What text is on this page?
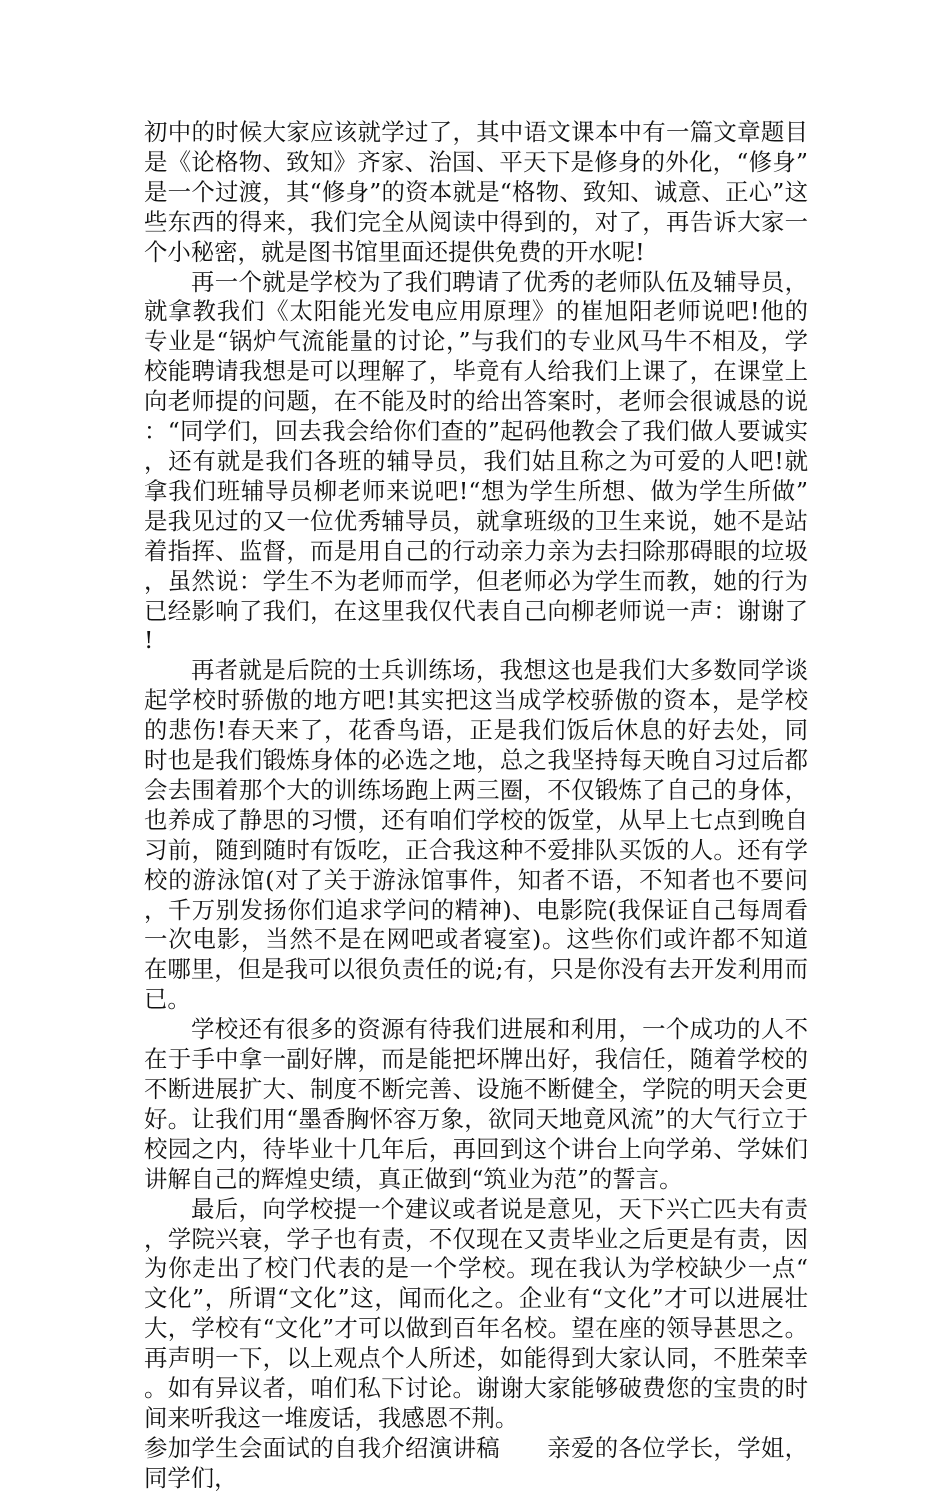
初中的时候大家应该就学过了，其中语文课本中有一篇文章题目是《论格物、致知》齐家、治国、平天下是修身的外化，“修身”是一个过渡，其“修身”的资本就是“格物、致知、诚意、正心”这些东西的得来，我们完全从阅读中得到的，对了，再告诉大家一个小秘密，就是图书馆里面还提供免费的开水呢!

再一个就是学校为了我们聘请了优秀的老师队伍及辅导员，就拿教我们《太阳能光发电应用原理》的崔旭阳老师说吧!他的专业是“锅炉气流能量的讨论，”与我们的专业风马牛不相及，学校能聘请我想是可以理解了，毕竟有人给我们上课了，在课堂上向老师提的问题，在不能及时的给出答案时，老师会很诚恳的说：“同学们，回去我会给你们查的”起码他教会了我们做人要诚实，还有就是我们各班的辅导员，我们姑且称之为可爱的人吧!就拿我们班辅导员柳老师来说吧!“想为学生所想、做为学生所做”是我见过的又一位优秀辅导员，就拿班级的卫生来说，她不是站着指挥、监督，而是用自己的行动亲力亲为去扫除那碍眼的垃圾，虽然说：学生不为老师而学，但老师必为学生而教，她的行为已经影响了我们，在这里我仅代表自己向柳老师说一声：谢谢了!

再者就是后院的士兵训练场，我想这也是我们大多数同学谈起学校时骄傲的地方吧!其实把这当成学校骄傲的资本，是学校的悲伤!春天来了，花香鸟语，正是我们饭后休息的好去处，同时也是我们锻炼身体的必选之地，总之我坚持每天晚自习过后都会去围着那个大的训练场跑上两三圈，不仅锻炼了自己的身体，也养成了静思的习惯，还有咱们学校的饭堂，从早上七点到晚自习前，随到随时有饭吃，正合我这种不爱排队买饭的人。还有学校的游泳馆(对了关于游泳馆事件，知者不语，不知者也不要问，千万别发扬你们追求学问的精神)、电影院(我保证自己每周看一次电影，当然不是在网吧或者寝室)。这些你们或许都不知道在哪里，但是我可以很负责任的说;有，只是你没有去开发利用而已。

学校还有很多的资源有待我们进展和利用，一个成功的人不在于手中拿一副好牌，而是能把坏牌出好，我信任，随着学校的不断进展扩大、制度不断完善、设施不断健全，学院的明天会更好。让我们用“墨香胸怀容万象，欲同天地竟风流”的大气行立于校园之内，待毕业十几年后，再回到这个讲台上向学弟、学妹们讲解自己的辉煌史绩，真正做到“筑业为范”的誓言。

最后，向学校提一个建议或者说是意见，天下兴亡匹夫有责，学院兴衰，学子也有责，不仅现在又责毕业之后更是有责，因为你走出了校门代表的是一个学校。现在我认为学校缺少一点“文化”，所谓“文化”这，闻而化之。企业有“文化”才可以进展壮大，学校有“文化”才可以做到百年名校。望在座的领导甚思之。再声明一下，以上观点个人所述，如能得到大家认同，不胜荣幸。如有异议者，咱们私下讨论。谢谢大家能够破费您的宝贵的时间来听我这一堆废话，我感恩不荆。

参加学生会面试的自我介绍演讲稿 亲爱的各位学长，学姐，同学们，
